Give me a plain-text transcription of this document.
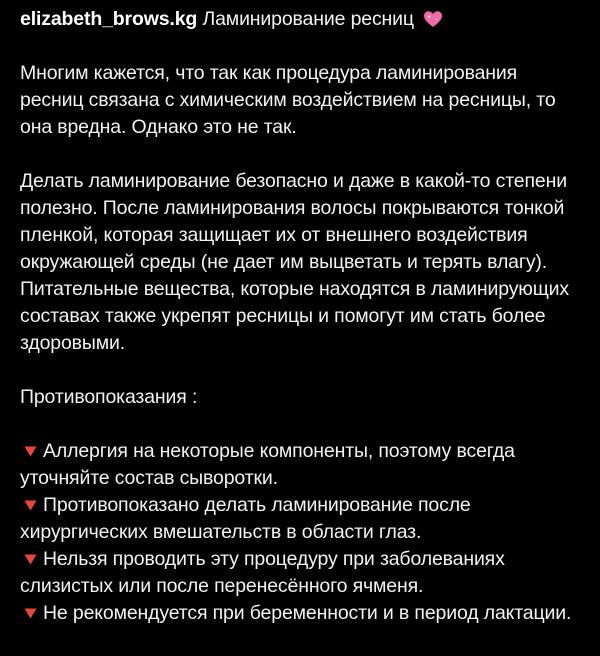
elizabeth_brows.kg Ламинирование ресниц
Многим кажется, что так как процедура ламинирования ресниц связана с химическим воздействием на ресницы, то она вредна. Однако это не так.
Делать ламинирование безопасно и даже в какой-то степени полезно. После ламинирования волосы покрываются тонкой пленкой, которая защищает их от внешнего воздействия окружающей среды (не дает им выцветать и терять влагу). Питательные вещества, которые находятся в ламинирующих составах также укрепят ресницы и помогут им стать более здоровыми.
Противопоказания :
Аллергия на некоторые компоненты, поэтому всегда уточняйте состав сыворотки.
Противопоказано делать ламинирование после хирургических вмешательств в области глаз.
Нельзя проводить эту процедуру при заболеваниях слизистых или после перенесённого ячменя.
Не рекомендуется при беременности и в период лактации.
